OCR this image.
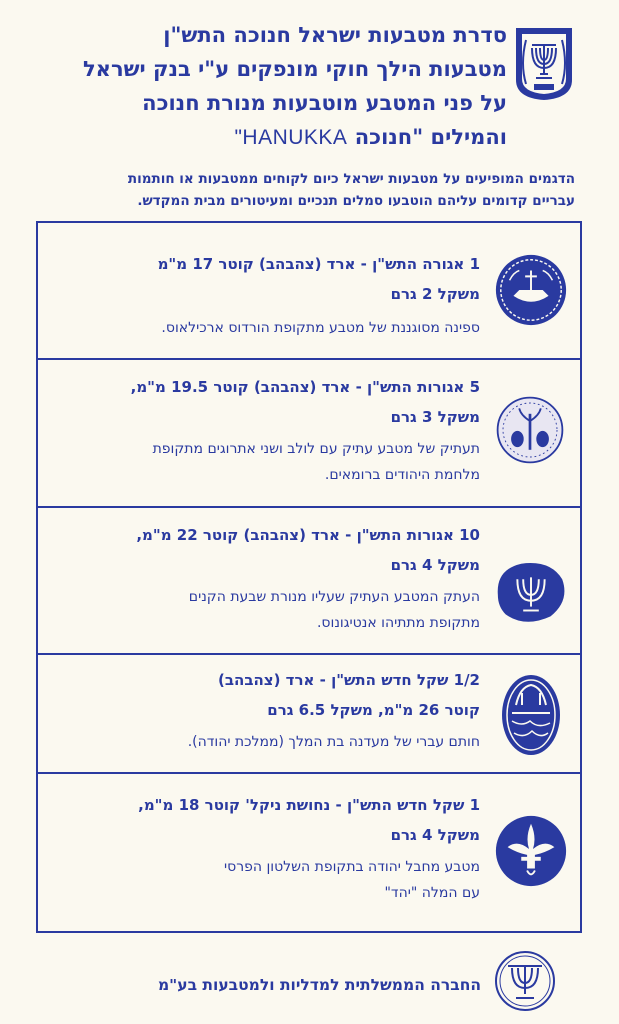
סדרת מטבעות ישראל חנוכה התש"ן
מטבעות הילך חוקי מונפקים ע"י בנק ישראל
על פני המטבע מוטבעות מנורת חנוכה
והמילים "חנוכה HANUKKA"
הדגמים המופיעים על מטבעות ישראל כיום לקוחים ממטבעות או חותמות
עבריים קדומים עליהם הוטבעו סמלים תנכיים ומעיטורים מבית המקדש.
1 אגורה התש"ן - ארד (צהבהב) קוטר 17 מ"מ
משקל 2 גרם
ספינה מסוגננת של מטבע מתקופת הורדוס ארכילאוס.
5 אגורות התש"ן - ארד (צהבהב) קוטר 19.5 מ"מ,
משקל 3 גרם
תעתיק של מטבע עתיק עם לולב ושני אתרוגים מתקופת
מלחמת היהודים ברומאים.
10 אגורות התש"ן - ארד (צהבהב) קוטר 22 מ"מ,
משקל 4 גרם
העתק המטבע העתיק שעליו מנורת שבעת הקנים
מתקופת מתתיהו אנטיגונוס.
1/2 שקל חדש התש"ן - ארד (צהבהב)
קוטר 26 מ"מ, משקל 6.5 גרם
חותם עברי של מעדנה בת המלך (ממלכת יהודה).
1 שקל חדש התש"ן - נחושת ניקל' קוטר 18 מ"מ,
משקל 4 גרם
מטבע מחבל יהודה בתקופת השלטון הפרסי
עם המלה "יהד"
החברה הממשלתית למדליות ולמטבעות בע"מ
